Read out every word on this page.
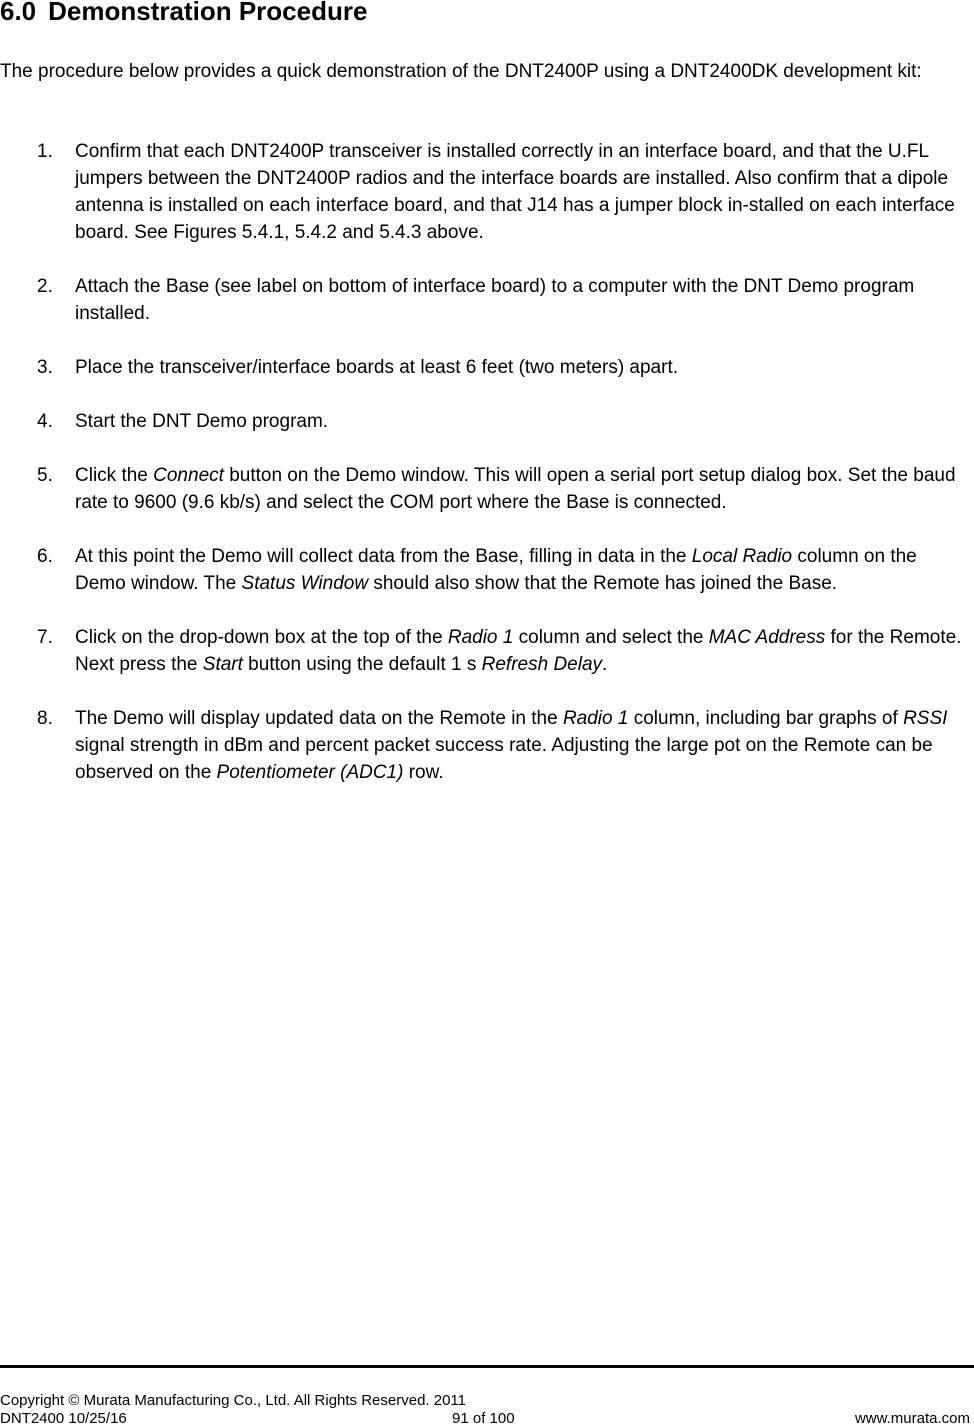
6.0 Demonstration Procedure
The procedure below provides a quick demonstration of the DNT2400P using a DNT2400DK development kit:
1. Confirm that each DNT2400P transceiver is installed correctly in an interface board, and that the U.FL jumpers between the DNT2400P radios and the interface boards are installed. Also confirm that a dipole antenna is installed on each interface board, and that J14 has a jumper block in-stalled on each interface board. See Figures 5.4.1, 5.4.2 and 5.4.3 above.
2. Attach the Base (see label on bottom of interface board) to a computer with the DNT Demo program installed.
3. Place the transceiver/interface boards at least 6 feet (two meters) apart.
4. Start the DNT Demo program.
5. Click the Connect button on the Demo window. This will open a serial port setup dialog box. Set the baud rate to 9600 (9.6 kb/s) and select the COM port where the Base is connected.
6. At this point the Demo will collect data from the Base, filling in data in the Local Radio column on the Demo window. The Status Window should also show that the Remote has joined the Base.
7. Click on the drop-down box at the top of the Radio 1 column and select the MAC Address for the Remote. Next press the Start button using the default 1 s Refresh Delay.
8. The Demo will display updated data on the Remote in the Radio 1 column, including bar graphs of RSSI signal strength in dBm and percent packet success rate. Adjusting the large pot on the Remote can be observed on the Potentiometer (ADC1) row.
Copyright © Murata Manufacturing Co., Ltd. All Rights Reserved. 2011
DNT2400 10/25/16	91 of 100	www.murata.com
